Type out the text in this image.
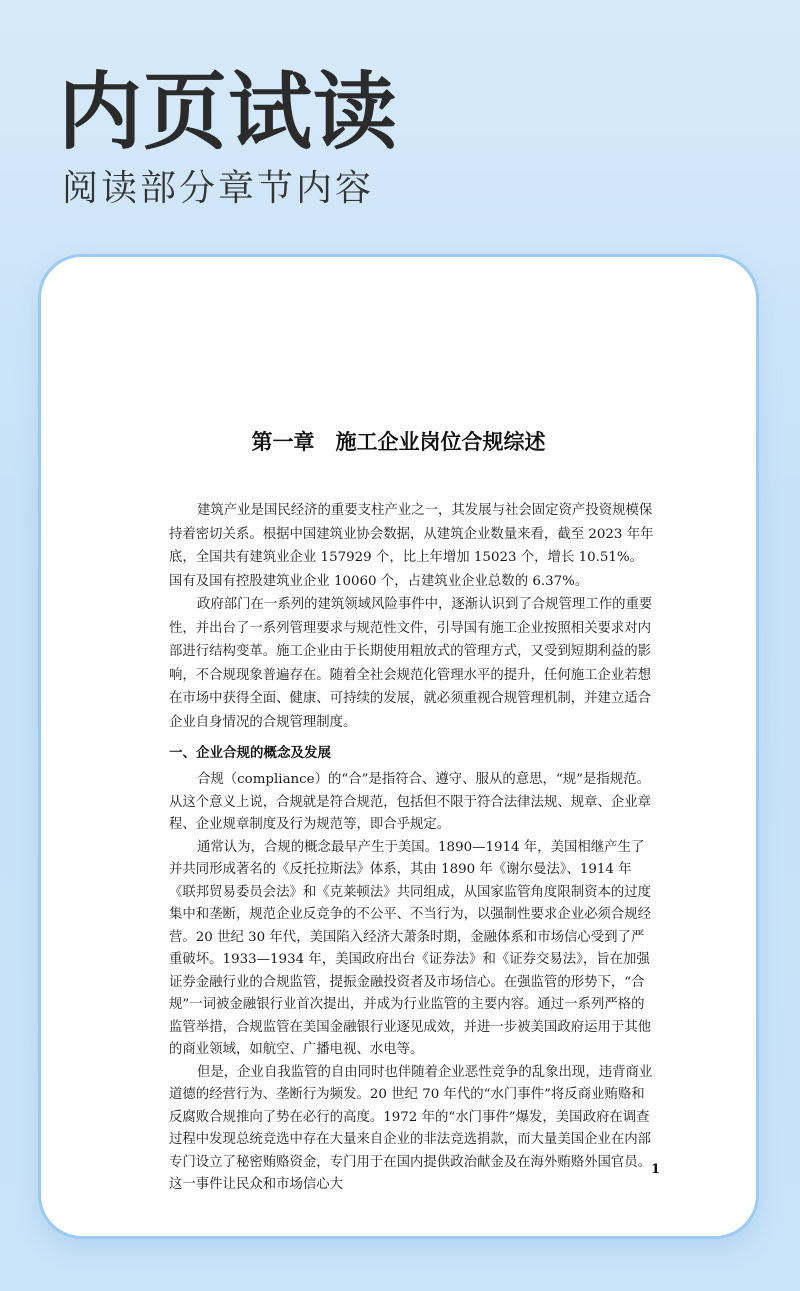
内页试读
阅读部分章节内容
第一章　施工企业岗位合规综述

建筑产业是国民经济的重要支柱产业之一，其发展与社会固定资产投资规模保持着密切关系。根据中国建筑业协会数据，从建筑企业数量来看，截至 2023 年年底，全国共有建筑业企业 157929 个，比上年增加 15023 个，增长 10.51%。国有及国有控股建筑业企业 10060 个，占建筑业企业总数的 6.37%。

政府部门在一系列的建筑领域风险事件中，逐渐认识到了合规管理工作的重要性，并出台了一系列管理要求与规范性文件，引导国有施工企业按照相关要求对内部进行结构变革。施工企业由于长期使用粗放式的管理方式，又受到短期利益的影响，不合规现象普遍存在。随着全社会规范化管理水平的提升，任何施工企业若想在市场中获得全面、健康、可持续的发展，就必须重视合规管理机制，并建立适合企业自身情况的合规管理制度。

一、企业合规的概念及发展

合规（compliance）的“合”是指符合、遵守、服从的意思，“规”是指规范。从这个意义上说，合规就是符合规范，包括但不限于符合法律法规、规章、企业章程、企业规章制度及行为规范等，即合乎规定。

通常认为，合规的概念最早产生于美国。1890—1914 年，美国相继产生了并共同形成著名的《反托拉斯法》体系，其由 1890 年《谢尔曼法》、1914 年《联邦贸易委员会法》和《克莱顿法》共同组成，从国家监管角度限制资本的过度集中和垄断，规范企业反竞争的不公平、不当行为，以强制性要求企业必须合规经营。20 世纪 30 年代，美国陷入经济大萧条时期，金融体系和市场信心受到了严重破坏。1933—1934 年，美国政府出台《证券法》和《证券交易法》，旨在加强证券金融行业的合规监管，提振金融投资者及市场信心。在强监管的形势下，“合规”一词被金融银行业首次提出，并成为行业监管的主要内容。通过一系列严格的监管举措，合规监管在美国金融银行业逐见成效，并进一步被美国政府运用于其他的商业领域，如航空、广播电视、水电等。

但是，企业自我监管的自由同时也伴随着企业恶性竞争的乱象出现，违背商业道德的经营行为、垄断行为频发。20 世纪 70 年代的“水门事件”将反商业贿赂和反腐败合规推向了势在必行的高度。1972 年的“水门事件”爆发，美国政府在调查过程中发现总统竞选中存在大量来自企业的非法竞选捐款，而大量美国企业在内部专门设立了秘密贿赂资金，专门用于在国内提供政治献金及在海外贿赂外国官员。这一事件让民众和市场信心大

1
